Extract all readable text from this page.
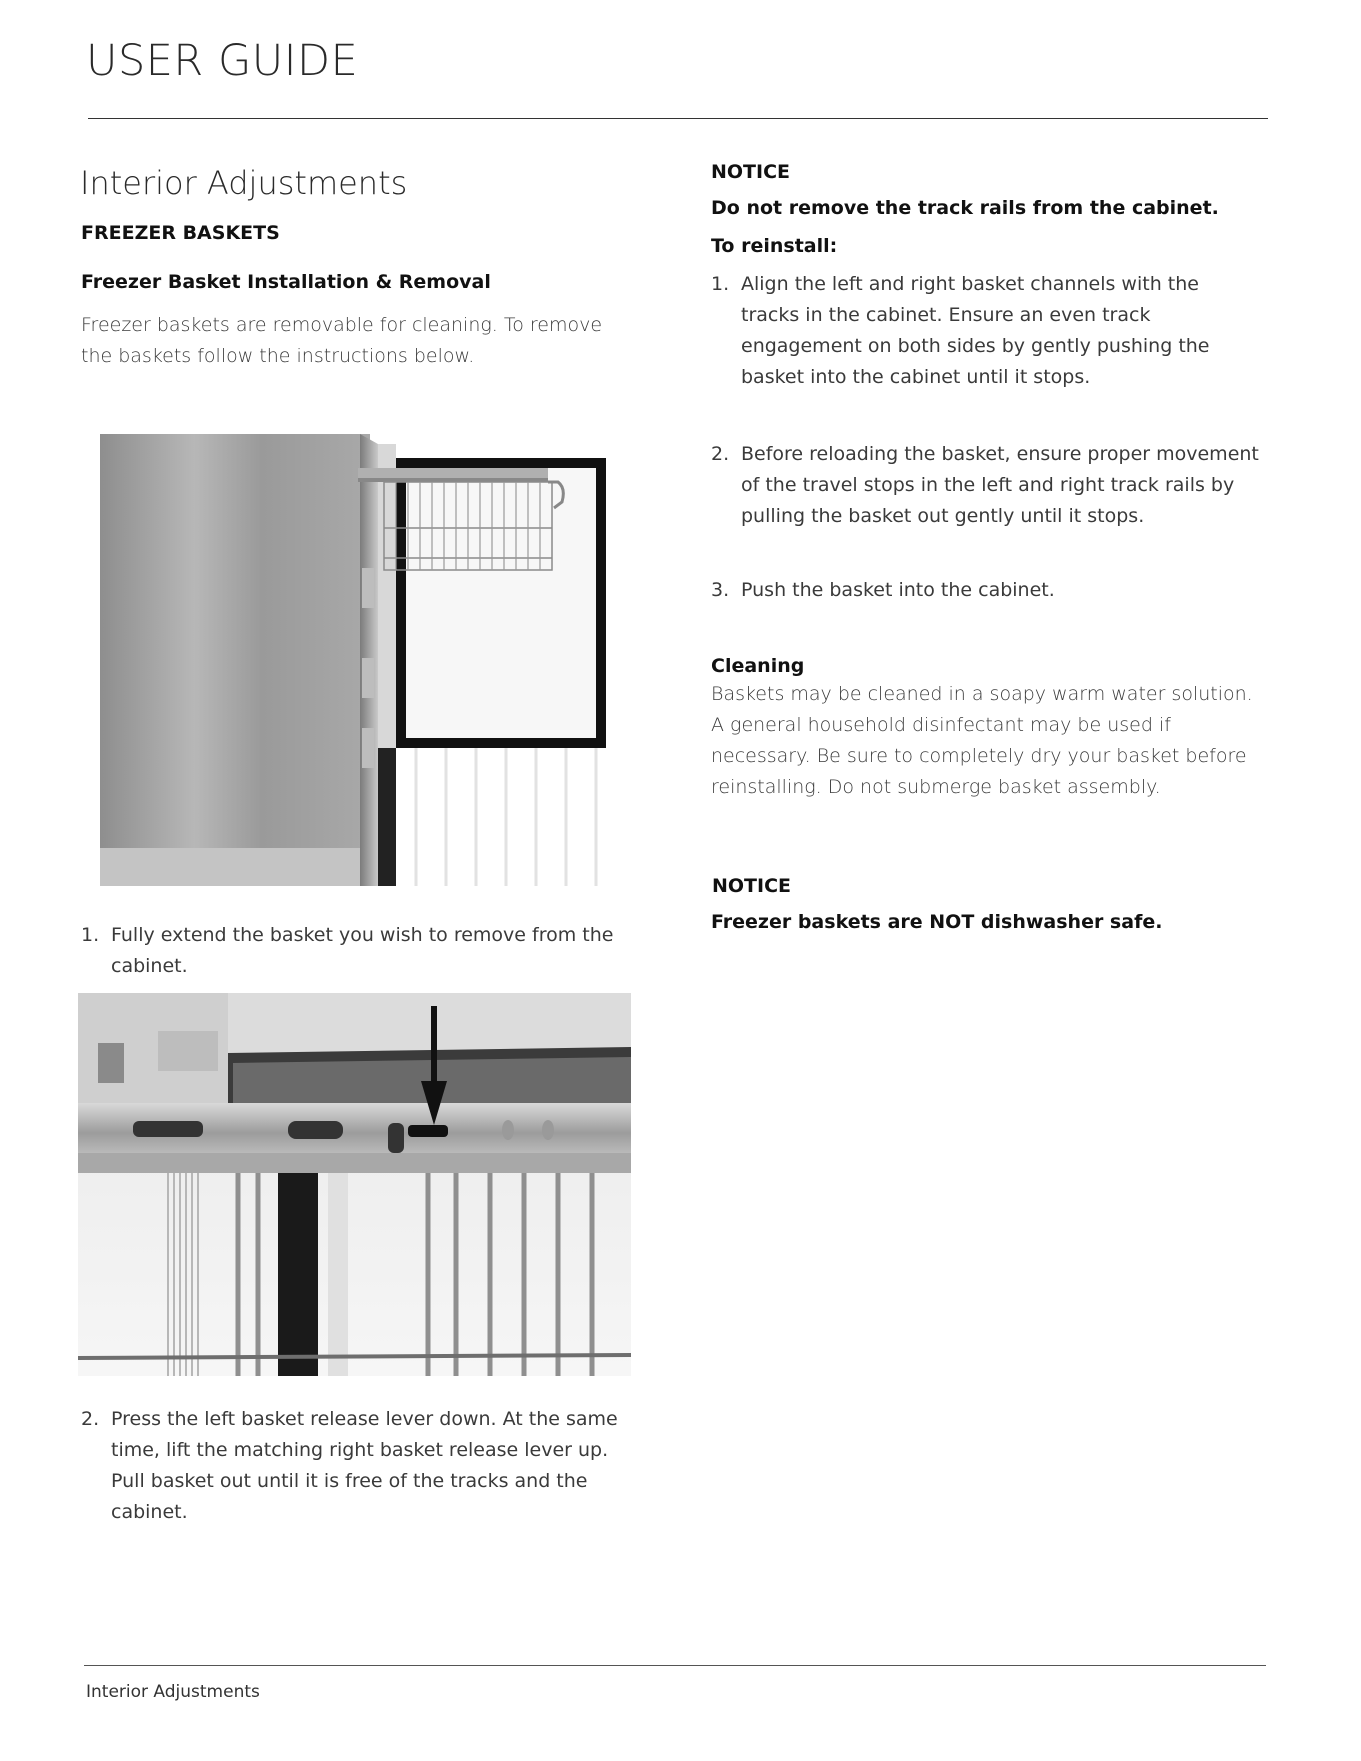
USER GUIDE
Interior Adjustments
FREEZER BASKETS
Freezer Basket Installation & Removal
Freezer baskets are removable for cleaning. To remove the baskets follow the instructions below.
1. Fully extend the basket you wish to remove from the cabinet.
2. Press the left basket release lever down. At the same time, lift the matching right basket release lever up. Pull basket out until it is free of the tracks and the cabinet.
NOTICE
Do not remove the track rails from the cabinet.
To reinstall:
1. Align the left and right basket channels with the tracks in the cabinet. Ensure an even track engagement on both sides by gently pushing the basket into the cabinet until it stops.
2. Before reloading the basket, ensure proper movement of the travel stops in the left and right track rails by pulling the basket out gently until it stops.
3. Push the basket into the cabinet.
Cleaning
Baskets may be cleaned in a soapy warm water solution. A general household disinfectant may be used if necessary. Be sure to completely dry your basket before reinstalling. Do not submerge basket assembly.
NOTICE
Freezer baskets are NOT dishwasher safe.
Interior Adjustments
